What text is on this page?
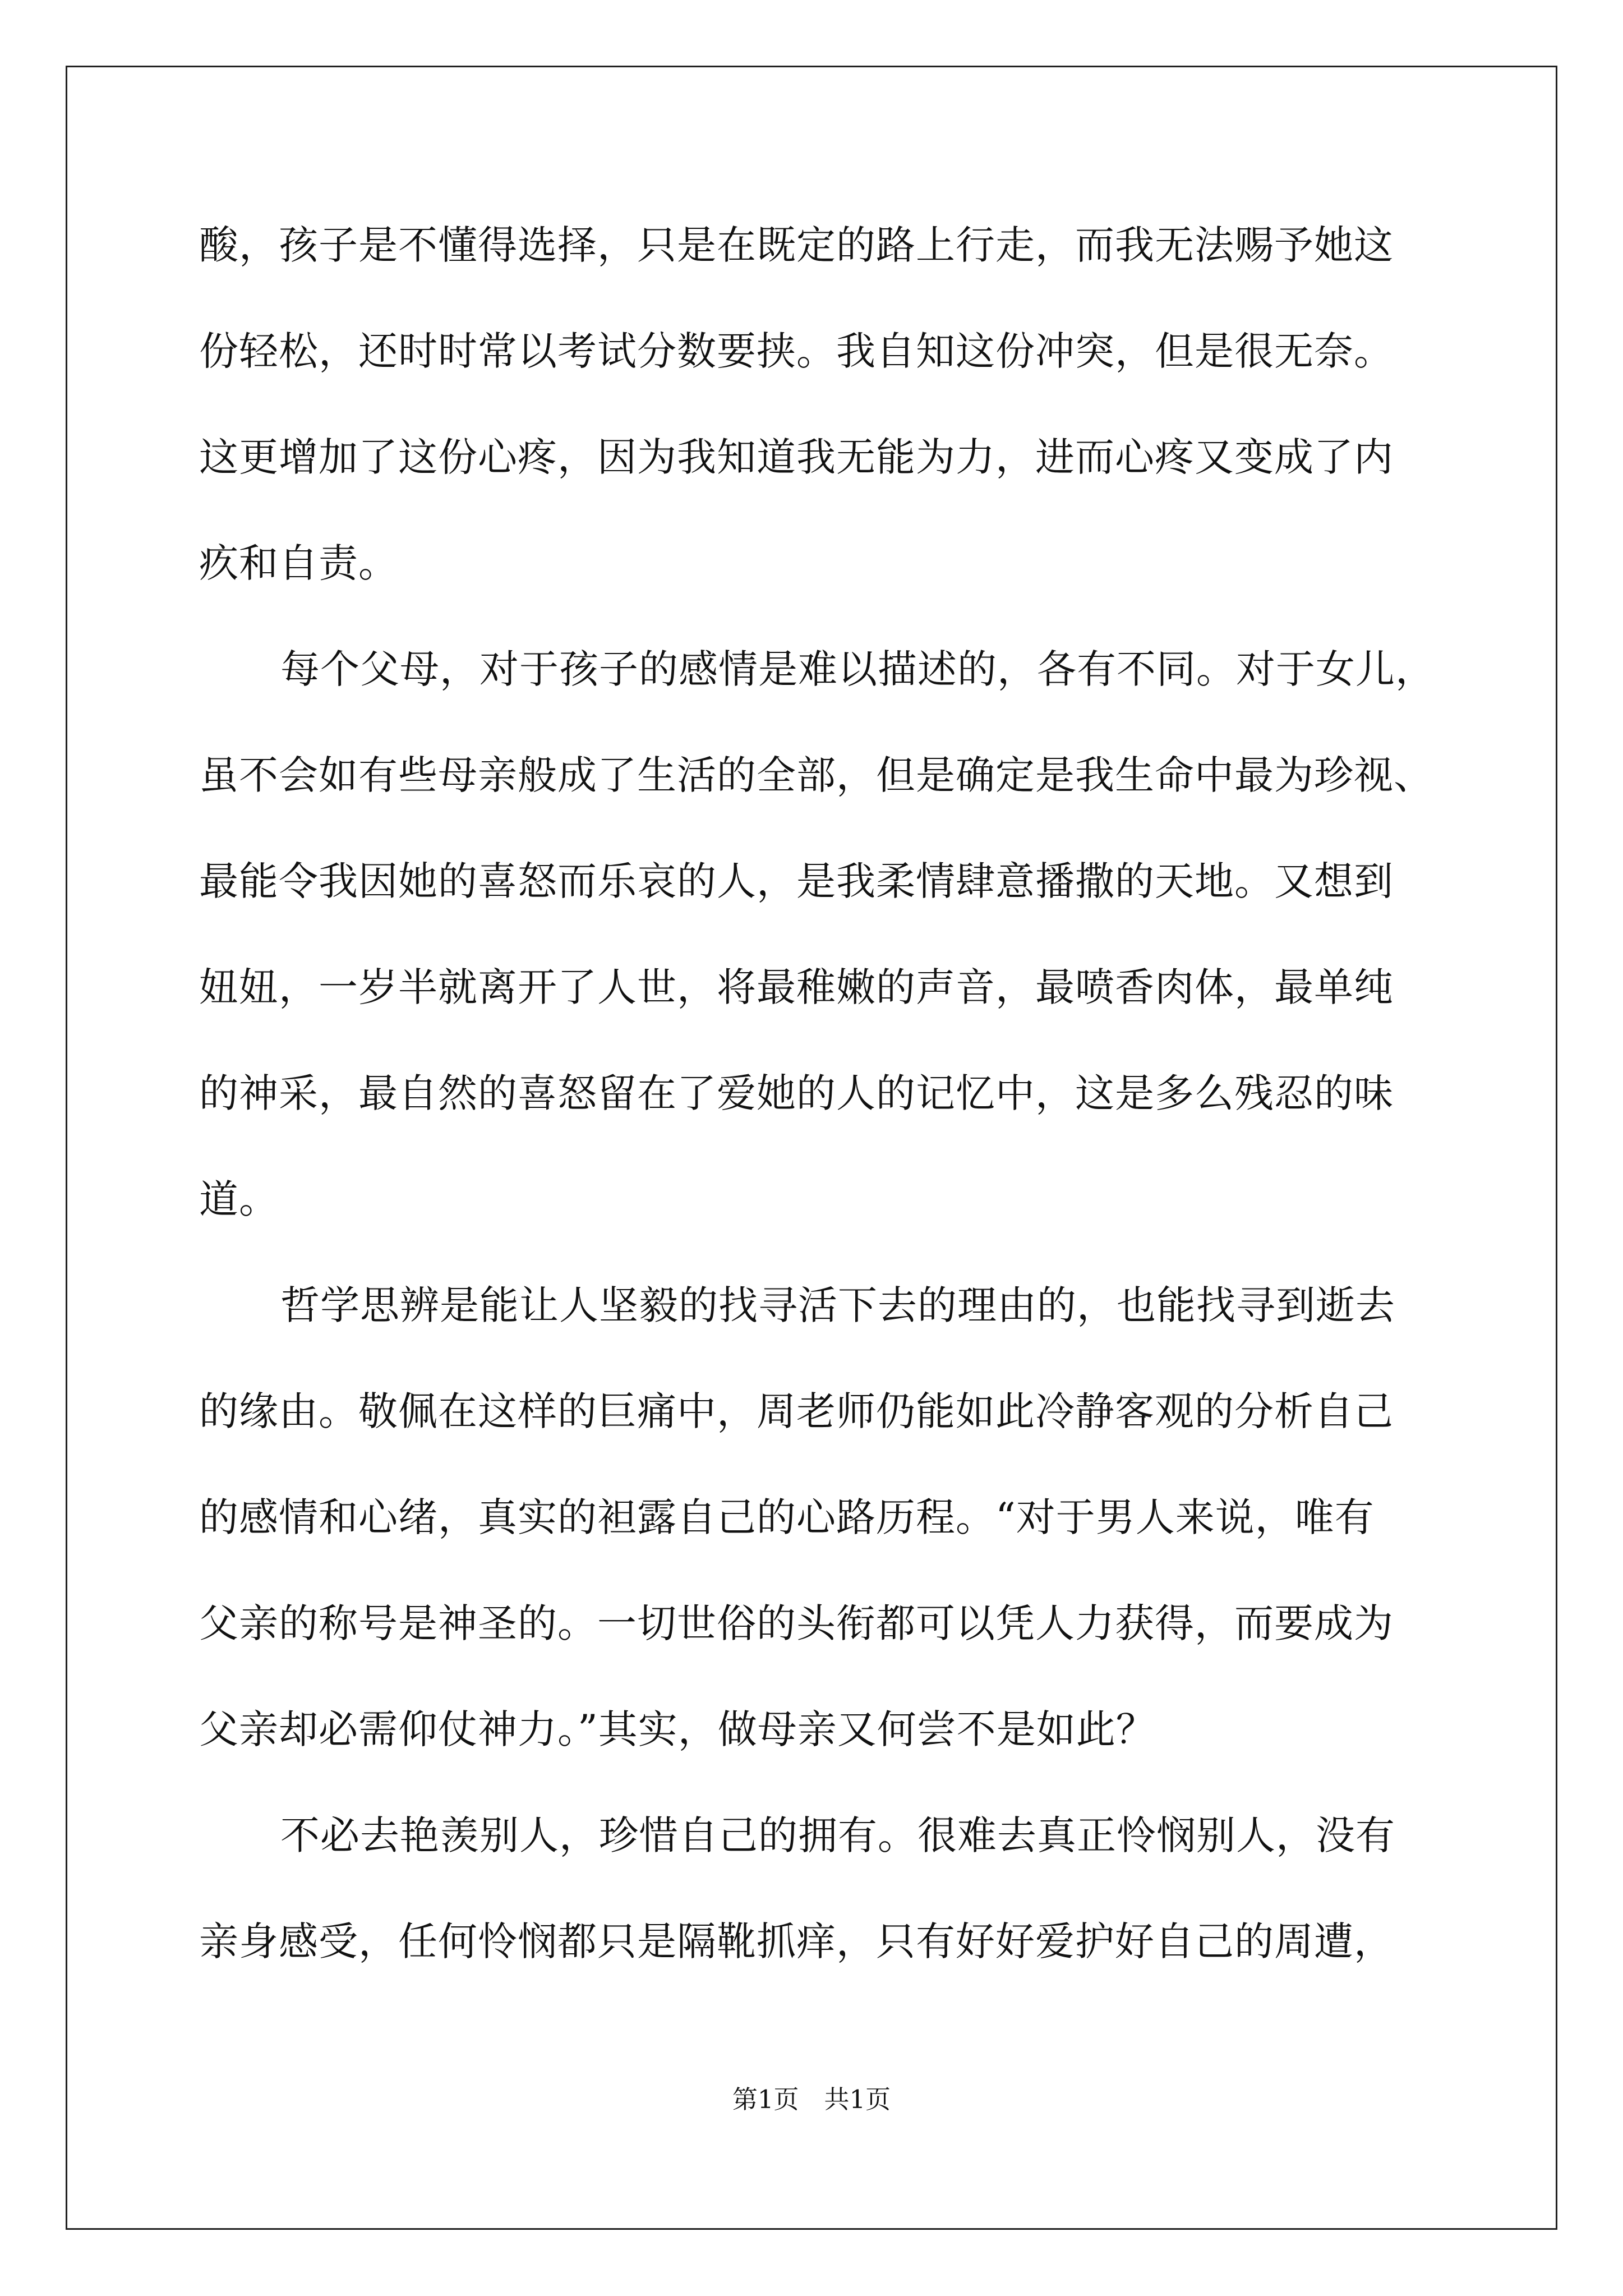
酸，孩子是不懂得选择，只是在既定的路上行走，而我无法赐予她这
份轻松，还时时常以考试分数要挟。我自知这份冲突，但是很无奈。
这更增加了这份心疼，因为我知道我无能为力，进而心疼又变成了内
疚和自责。
每个父母，对于孩子的感情是难以描述的，各有不同。对于女儿，
虽不会如有些母亲般成了生活的全部，但是确定是我生命中最为珍视、
最能令我因她的喜怒而乐哀的人，是我柔情肆意播撒的天地。又想到
妞妞，一岁半就离开了人世，将最稚嫩的声音，最喷香肉体，最单纯
的神采，最自然的喜怒留在了爱她的人的记忆中，这是多么残忍的味
道。
哲学思辨是能让人坚毅的找寻活下去的理由的，也能找寻到逝去
的缘由。敬佩在这样的巨痛中，周老师仍能如此冷静客观的分析自己
的感情和心绪，真实的袒露自己的心路历程。“对于男人来说，唯有
父亲的称号是神圣的。一切世俗的头衔都可以凭人力获得，而要成为
父亲却必需仰仗神力。”其实，做母亲又何尝不是如此？
不必去艳羡别人，珍惜自己的拥有。很难去真正怜悯别人，没有
亲身感受，任何怜悯都只是隔靴抓痒，只有好好爱护好自己的周遭，
第1页 共1页
